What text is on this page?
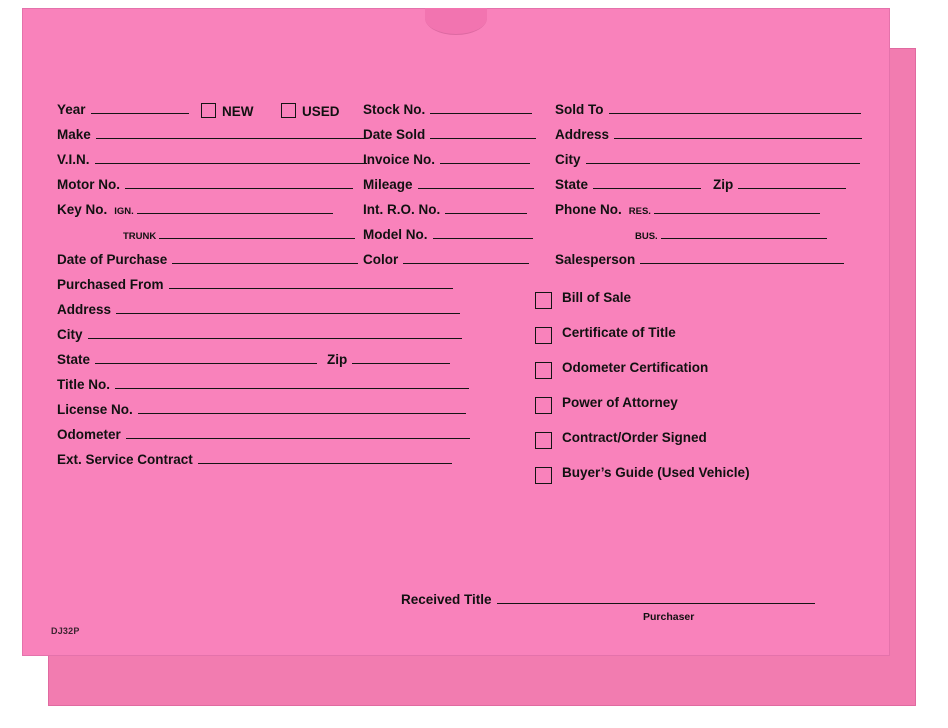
Year	NEW	USED
Make
V.I.N.
Motor No.
Key No. IGN.
TRUNK
Date of Purchase
Purchased From
Address
City
State	Zip
Title No.
License No.
Odometer
Ext. Service Contract
Stock No.
Date Sold
Invoice No.
Mileage
Int. R.O. No.
Model No.
Color
Sold To
Address
City
State	Zip
Phone No. RES.
BUS.
Salesperson
Bill of Sale
Certificate of Title
Odometer Certification
Power of Attorney
Contract/Order Signed
Buyer’s Guide (Used Vehicle)
Received Title
Purchaser
DJ32P
